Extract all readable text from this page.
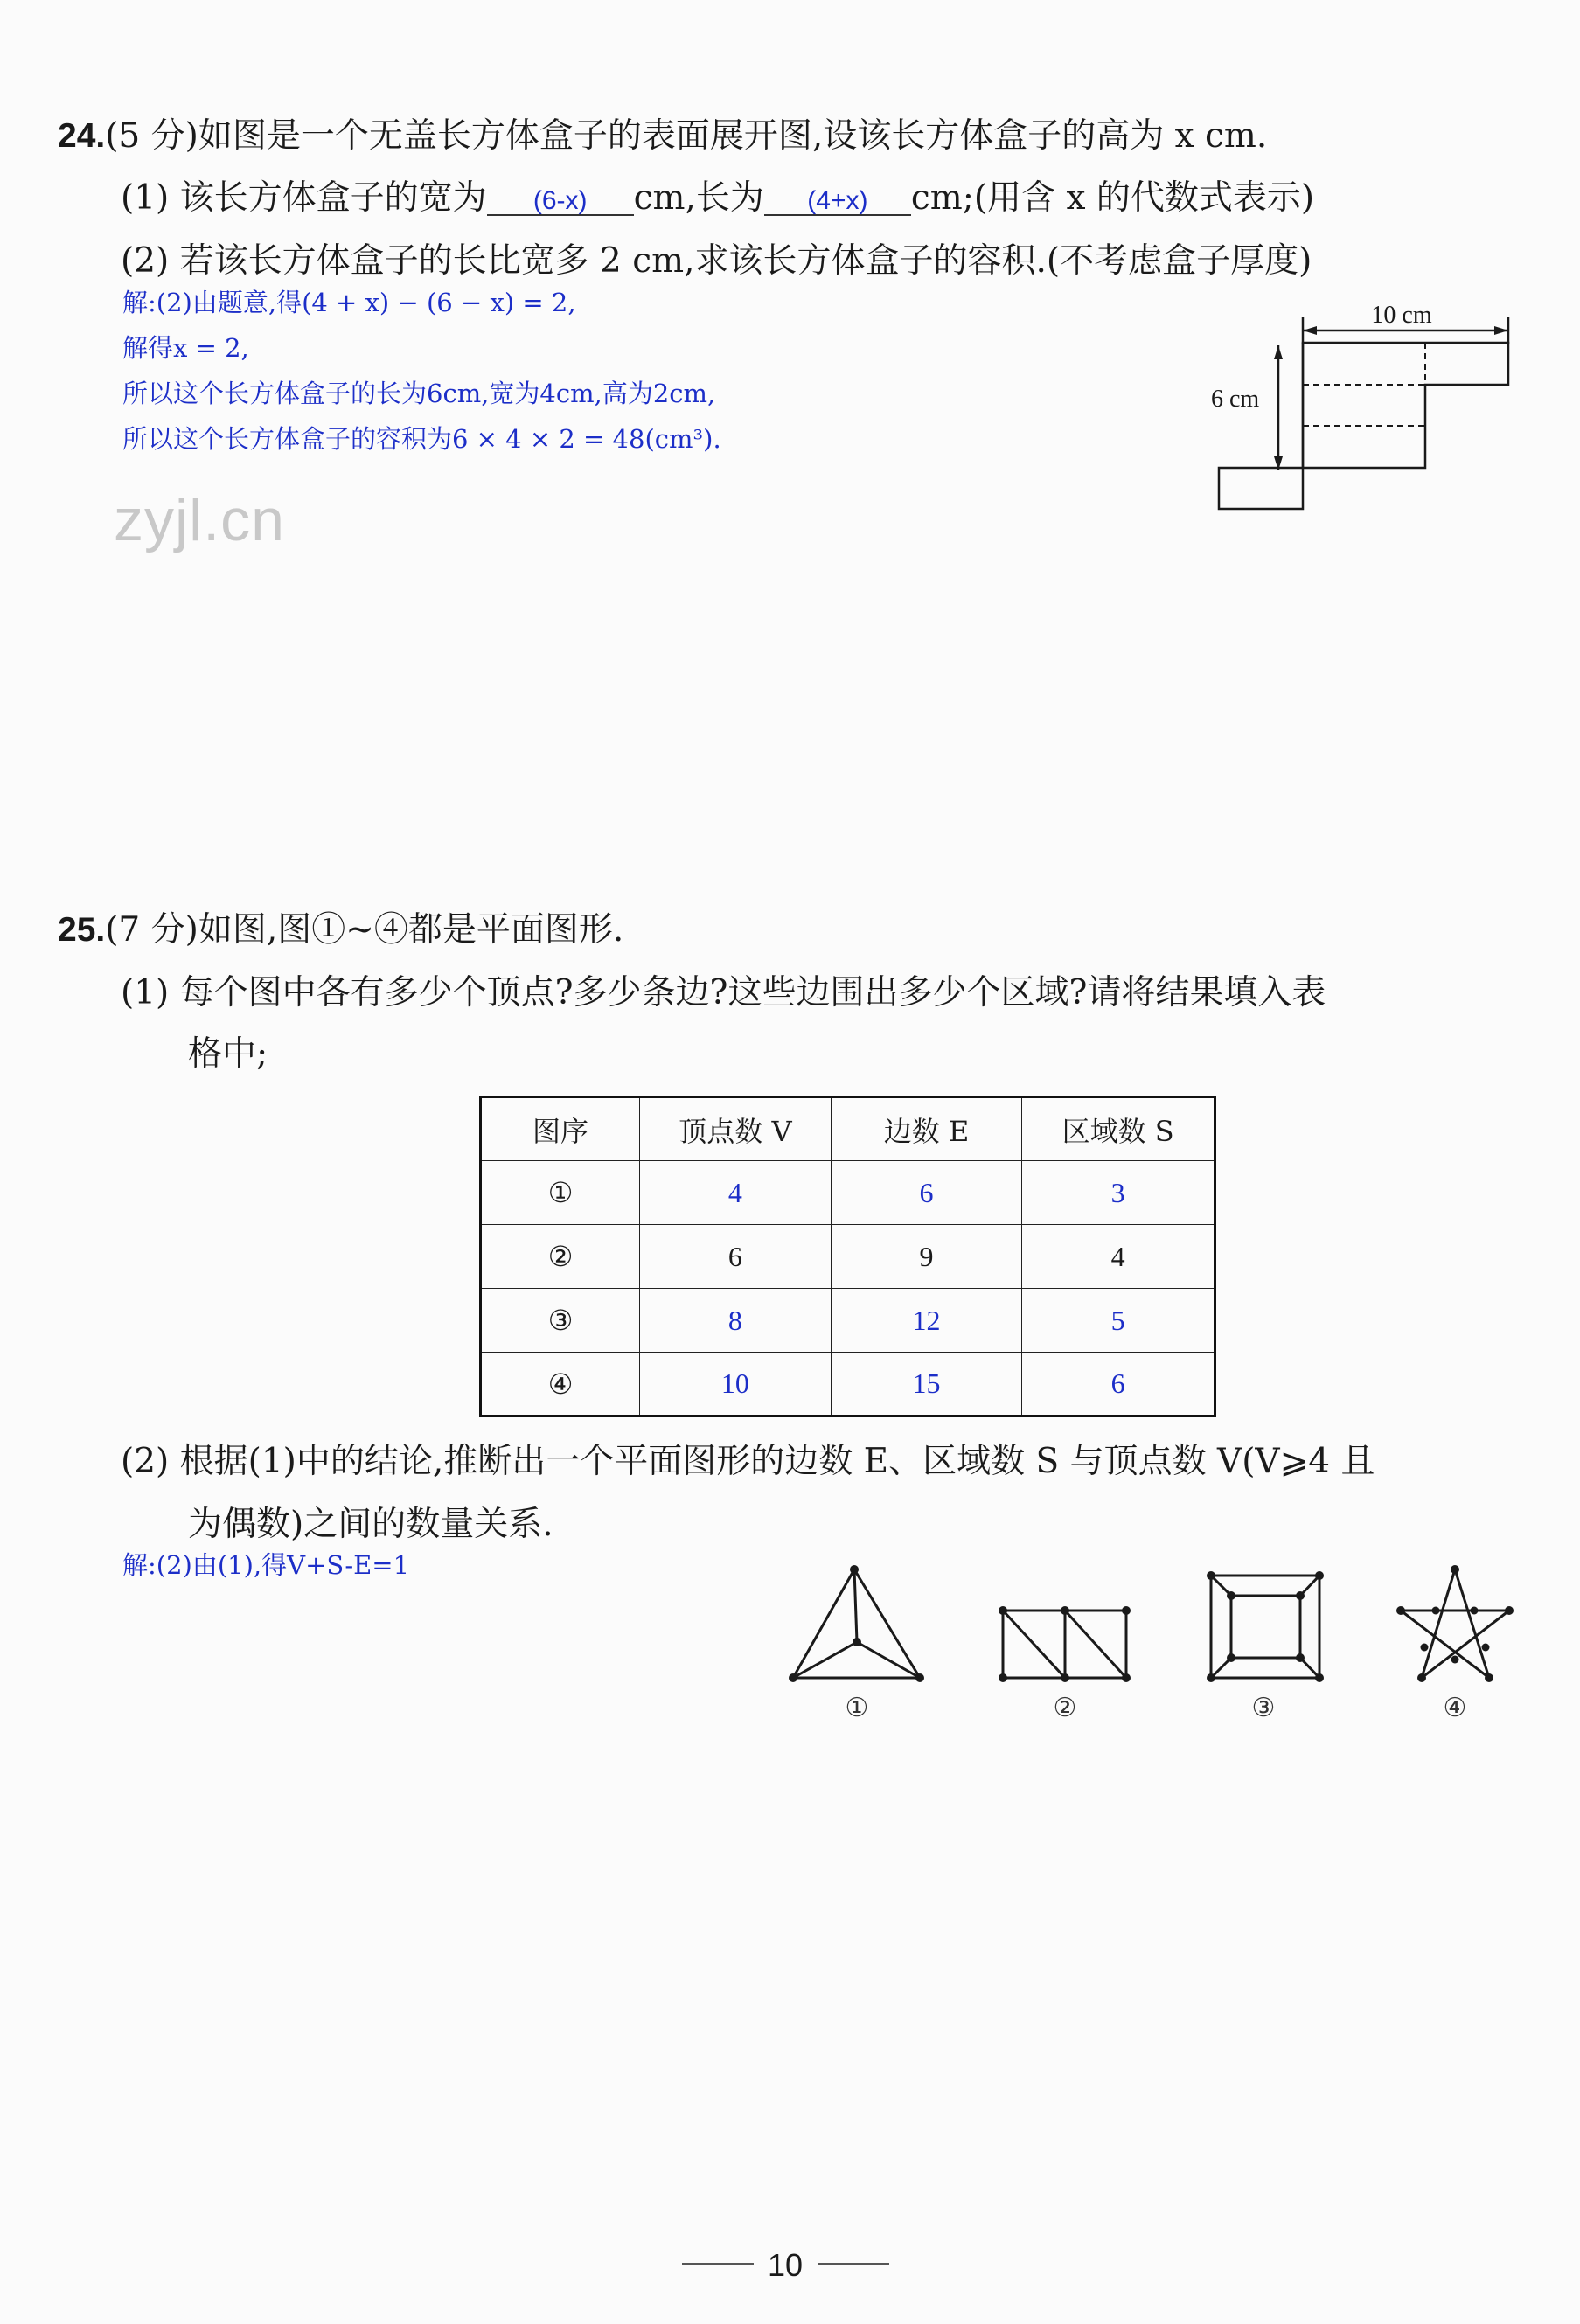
24.(5 分)如图是一个无盖长方体盒子的表面展开图,设该长方体盒子的高为 x cm.
(1) 该长方体盒子的宽为 (6-x) cm,长为 (4+x) cm;(用含 x 的代数式表示)
(2) 若该长方体盒子的长比宽多 2 cm,求该长方体盒子的容积.(不考虑盒子厚度)
解:(2)由题意,得(4 + x) − (6 − x) = 2,
解得x = 2,
所以这个长方体盒子的长为6cm,宽为4cm,高为2cm,
所以这个长方体盒子的容积为6 × 4 × 2 = 48(cm³).
zyjl.cn
10 cm
6 cm
25.(7 分)如图,图①~④都是平面图形.
(1) 每个图中各有多少个顶点?多少条边?这些边围出多少个区域?请将结果填入表
格中;
图序	顶点数 V	边数 E	区域数 S
①	4	6	3
②	6	9	4
③	8	12	5
④	10	15	6
(2) 根据(1)中的结论,推断出一个平面图形的边数 E、区域数 S 与顶点数 V(V⩾4 且
为偶数)之间的数量关系.
解:(2)由(1),得V+S-E=1
①	②	③	④
10
